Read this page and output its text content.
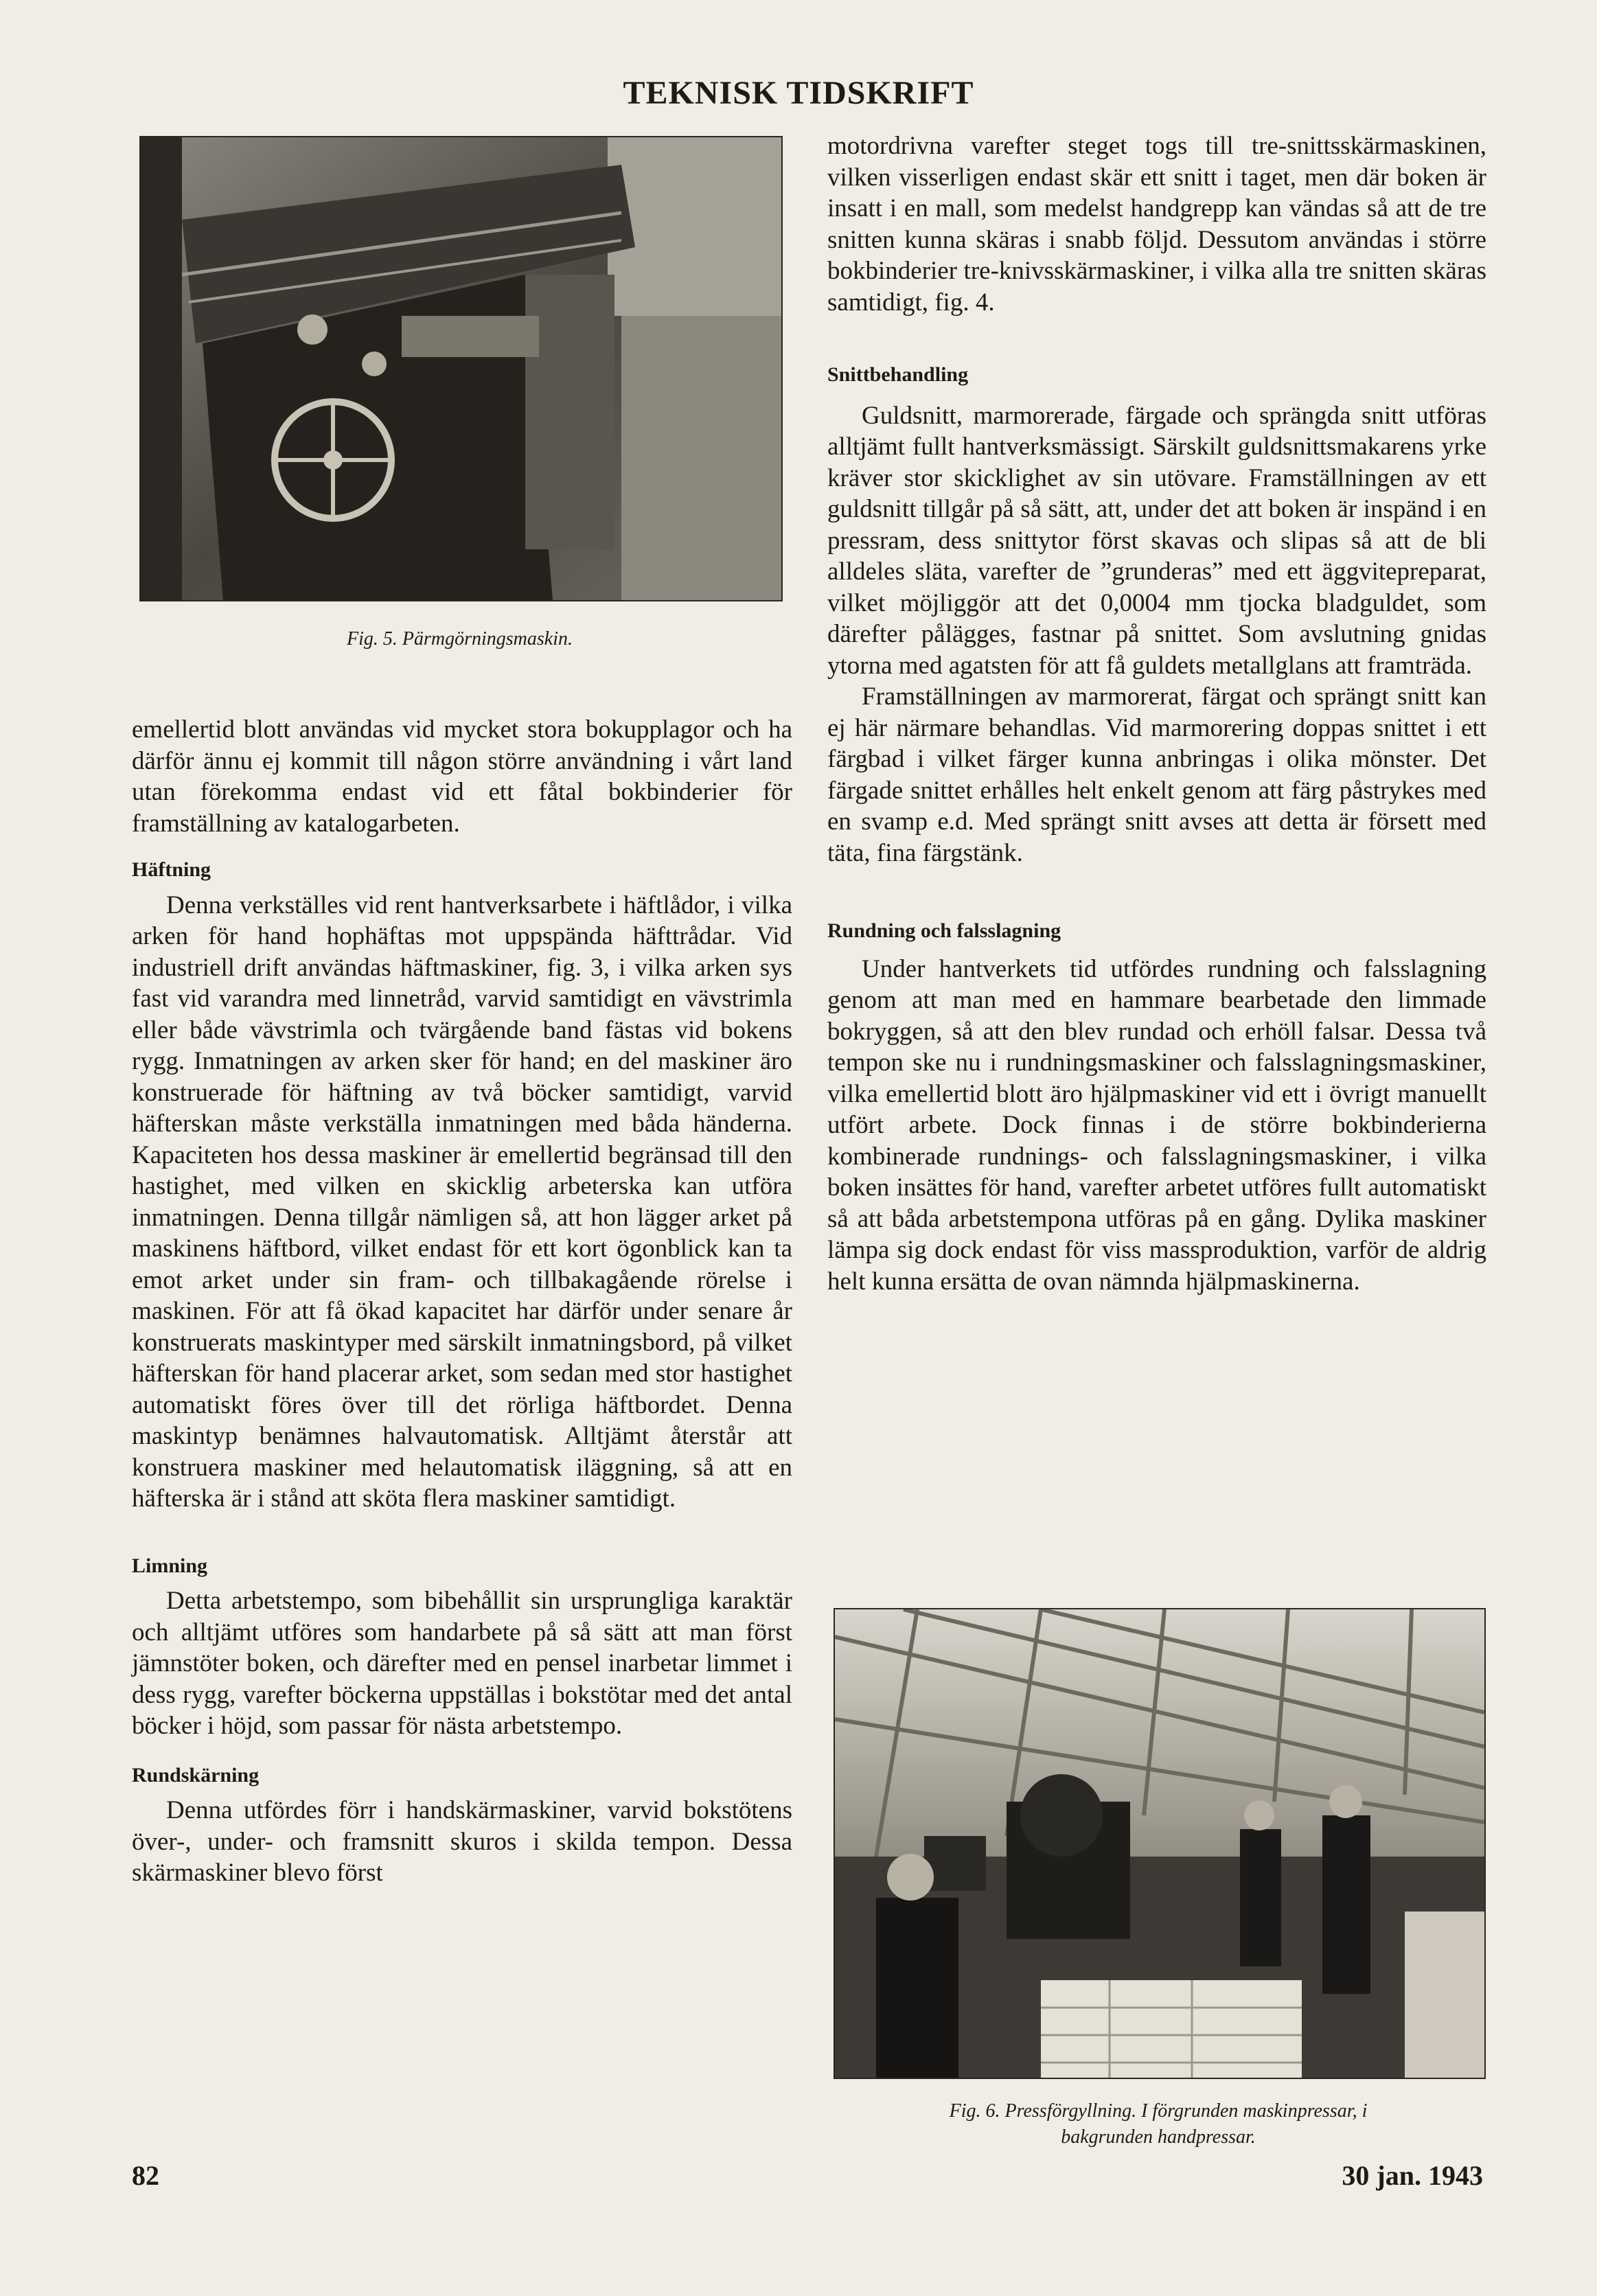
TEKNISK TIDSKRIFT
Fig. 5. Pärmgörningsmaskin.

emellertid blott användas vid mycket stora bokupplagor och ha därför ännu ej kommit till någon större användning i vårt land utan förekomma endast vid ett fåtal bokbinderier för framställning av katalogarbeten.

Häftning

Denna verkställes vid rent hantverksarbete i häftlådor, i vilka arken för hand hophäftas mot uppspända häfttrådar. Vid industriell drift användas häftmaskiner, fig. 3, i vilka arken sys fast vid varandra med linnetråd, varvid samtidigt en vävstrimla eller både vävstrimla och tvärgående band fästas vid bokens rygg. Inmatningen av arken sker för hand; en del maskiner äro konstruerade för häftning av två böcker samtidigt, varvid häfterskan måste verkställa inmatningen med båda händerna. Kapaciteten hos dessa maskiner är emellertid begränsad till den hastighet, med vilken en skicklig arbeterska kan utföra inmatningen. Denna tillgår nämligen så, att hon lägger arket på maskinens häftbord, vilket endast för ett kort ögonblick kan ta emot arket under sin fram- och tillbakagående rörelse i maskinen. För att få ökad kapacitet har därför under senare år konstruerats maskintyper med särskilt inmatningsbord, på vilket häfterskan för hand placerar arket, som sedan med stor hastighet automatiskt föres över till det rörliga häftbordet. Denna maskintyp benämnes halvautomatisk. Alltjämt återstår att konstruera maskiner med helautomatisk iläggning, så att en häfterska är i stånd att sköta flera maskiner samtidigt.

Limning

Detta arbetstempo, som bibehållit sin ursprungliga karaktär och alltjämt utföres som handarbete på så sätt att man först jämnstöter boken, och därefter med en pensel inarbetar limmet i dess rygg, varefter böckerna uppställas i bokstötar med det antal böcker i höjd, som passar för nästa arbetstempo.

Rundskärning

Denna utfördes förr i handskärmaskiner, varvid bokstötens över-, under- och framsnitt skuros i skilda tempon. Dessa skärmaskiner blevo först

motordrivna varefter steget togs till tre-snittsskärmaskinen, vilken visserligen endast skär ett snitt i taget, men där boken är insatt i en mall, som medelst handgrepp kan vändas så att de tre snitten kunna skäras i snabb följd. Dessutom användas i större bokbinderier tre-knivsskärmaskiner, i vilka alla tre snitten skäras samtidigt, fig. 4.

Snittbehandling

Guldsnitt, marmorerade, färgade och sprängda snitt utföras alltjämt fullt hantverksmässigt. Särskilt guldsnittsmakarens yrke kräver stor skicklighet av sin utövare. Framställningen av ett guldsnitt tillgår på så sätt, att, under det att boken är inspänd i en pressram, dess snittytor först skavas och slipas så att de bli alldeles släta, varefter de ”grunderas” med ett äggvitepreparat, vilket möjliggör att det 0,0004 mm tjocka bladguldet, som därefter pålägges, fastnar på snittet. Som avslutning gnidas ytorna med agatsten för att få guldets metallglans att framträda.

Framställningen av marmorerat, färgat och sprängt snitt kan ej här närmare behandlas. Vid marmorering doppas snittet i ett färgbad i vilket färger kunna anbringas i olika mönster. Det färgade snittet erhålles helt enkelt genom att färg påstrykes med en svamp e.d. Med sprängt snitt avses att detta är försett med täta, fina färgstänk.

Rundning och falsslagning

Under hantverkets tid utfördes rundning och falsslagning genom att man med en hammare bearbetade den limmade bokryggen, så att den blev rundad och erhöll falsar. Dessa två tempon ske nu i rundningsmaskiner och falsslagningsmaskiner, vilka emellertid blott äro hjälpmaskiner vid ett i övrigt manuellt utfört arbete. Dock finnas i de större bokbinderierna kombinerade rundnings- och falsslagningsmaskiner, i vilka boken insättes för hand, varefter arbetet utföres fullt automatiskt så att båda arbetstempona utföras på en gång. Dylika maskiner lämpa sig dock endast för viss massproduktion, varför de aldrig helt kunna ersätta de ovan nämnda hjälpmaskinerna.

Fig. 6. Pressförgyllning. I förgrunden maskinpressar, i
bakgrunden handpressar.
82	30 jan. 1943
